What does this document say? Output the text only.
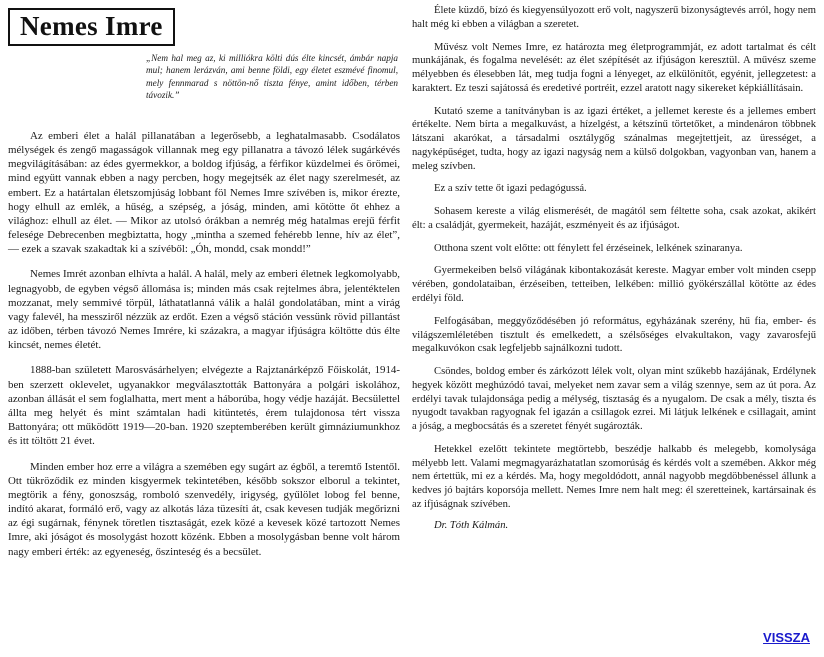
Nemes Imre
„Nem hal meg az, ki milliókra költi dús élte kincsét, ámbár napja mul; hanem lerázván, ami benne földi, egy életet eszmévé finomul, mely fennmarad s nöttön-nő tiszta fénye, amint időben, térben távozik.”

Az emberi élet a halál pillanatában a legerősebb, a leghatalmasabb. Csodálatos mélységek és zengő magasságok villannak meg egy pillanatra a távozó lélek sugárkévés megvilágításában: az édes gyermekkor, a boldog ifjúság, a férfikor küzdelmei és örömei, mind együtt vannak ebben a nagy percben, hogy megejtsék az élet nagy szerelmesét, az embert. Ez a határtalan életszomjúság lobbant föl Nemes Imre szívében is, mikor érezte, hogy elhull az emlék, a hűség, a szépség, a jóság, minden, ami kötötte őt ehhez a világhoz: elhull az élet. — Mikor az utolsó órákban a nemrég még hatalmas erejű férfit felesége Debrecenben megbiztatta, hogy „mintha a szemed fehérebb lenne, hív az élet”, — ezek a szavak szakadtak ki a szívéből: „Óh, mondd, csak mondd!”

Nemes Imrét azonban elhívta a halál. A halál, mely az emberi életnek legkomolyabb, legnagyobb, de egyben végső állomása is; minden más csak rejtelmes ábra, jelentéktelen mozzanat, mely semmivé törpül, láthatatlanná válik a halál gondolatában, mint a virág vagy falevél, ha messziről nézzük az erdőt. Ezen a végső stáción vessünk rövid pillantást az időben, térben távozó Nemes Imrére, ki százakra, a magyar ifjúságra költötte dús élte kincsét, nemes életét.

1888-ban született Marosvásárhelyen; elvégezte a Rajztanárképző Főiskolát, 1914-ben szerzett oklevelet, ugyanakkor megválasztották Battonyára a polgári iskolához, azonban állását el sem foglalhatta, mert ment a háborúba, hogy védje hazáját. Becsülettel állta meg helyét és mint számtalan hadi kitüntetés, érem tulajdonosa tért vissza Battonyára; ott működött 1919—20-ban. 1920 szeptemberében került gimnáziumunkhoz és itt töltött 21 évet.

Minden ember hoz erre a világra a szemében egy sugárt az égből, a teremtő Istentől. Ott tükröződik ez minden kisgyermek tekintetében, később sokszor elborul a tekintet, megtörik a fény, gonoszság, romboló szenvedély, irigység, gyűlölet lobog fel benne, indító akarat, formáló erő, vagy az alkotás láza tüzesíti át, csak kevesen tudják megőrizni az égi sugárnak, fénynek töretlen tisztaságát, ezek közé a kevesek közé tartozott Nemes Imre, aki jóságot és mosolygást hozott közénk. Ebben a mosolygásban benne volt három nagy emberi érték: az egyeneség, őszinteség és a becsület.

Élete küzdő, bízó és kiegyensúlyozott erő volt, nagyszerű bizonyságtevés arról, hogy nem halt még ki ebben a világban a szeretet.

Művész volt Nemes Imre, ez határozta meg életprogrammját, ez adott tartalmat és célt munkájának, és fogalma nevelését: az élet szépítését az ifjúságon keresztül. A művész szeme mélyebben és élesebben lát, meg tudja fogni a lényeget, az elkülönítőt, egyénit, jellegzetest: a karaktert. Ez teszi sajátossá és eredetivé portréit, ezzel aratott nagy sikereket képkiállításain.

Kutató szeme a tanítványban is az igazi értéket, a jellemet kereste és a jellemes embert értékelte. Nem bírta a megalkuvást, a hízelgést, a kétszínű törtetőket, a mindenáron többnek látszani akarókat, a társadalmi osztálygőg szánalmas megejtettjeit, az ürességet, a nagyképűséget, tudta, hogy az igazi nagyság nem a külső dolgokban, vagyonban van, hanem a meleg szívben.

Ez a szív tette őt igazi pedagógussá.

Sohasem kereste a világ elismerését, de magától sem féltette soha, csak azokat, akikért élt: a családját, gyermekeit, hazáját, eszményeit és az ifjúságot.

Otthona szent volt előtte: ott fénylett fel érzéseinek, lelkének szinaranya.

Gyermekeiben belső világának kibontakozását kereste. Magyar ember volt minden csepp vérében, gondolataiban, érzéseiben, tetteiben, lelkében: millió gyökérszállal kötötte az édes erdélyi föld.

Felfogásában, meggyőződésében jó református, egyházának szerény, hű fia, ember- és világszemléletében tisztult és emelkedett, a szélsőséges elvakultakon, vagy zavarosfejű megalkuvókon csak legfeljebb sajnálkozni tudott.

Csöndes, boldog ember és zárkózott lélek volt, olyan mint szűkebb hazájának, Erdélynek hegyek között meghúzódó tavai, melyeket nem zavar sem a világ szennye, sem az út pora. Az erdélyi tavak tulajdonsága pedig a mélység, tisztaság és a nyugalom. De csak a mély, tiszta és nyugodt tavakban ragyognak fel igazán a csillagok ezrei. Mi látjuk lelkének e csillagait, amint a jóság, a megbocsátás és a szeretet fényét sugározták.

Hetekkel ezelőtt tekintete megtörtebb, beszédje halkabb és melegebb, komolysága mélyebb lett. Valami megmagyarázhatatlan szomorúság és kérdés volt a szemében. Akkor még nem értettük, mi ez a kérdés. Ma, hogy megoldódott, annál nagyobb megdöbbenéssel állunk a kedves jó bajtárs koporsója mellett. Nemes Imre nem halt meg: él szeretteinek, kartársainak és az ifjúságnak szívében.

Dr. Tóth Kálmán.
VISSZA
